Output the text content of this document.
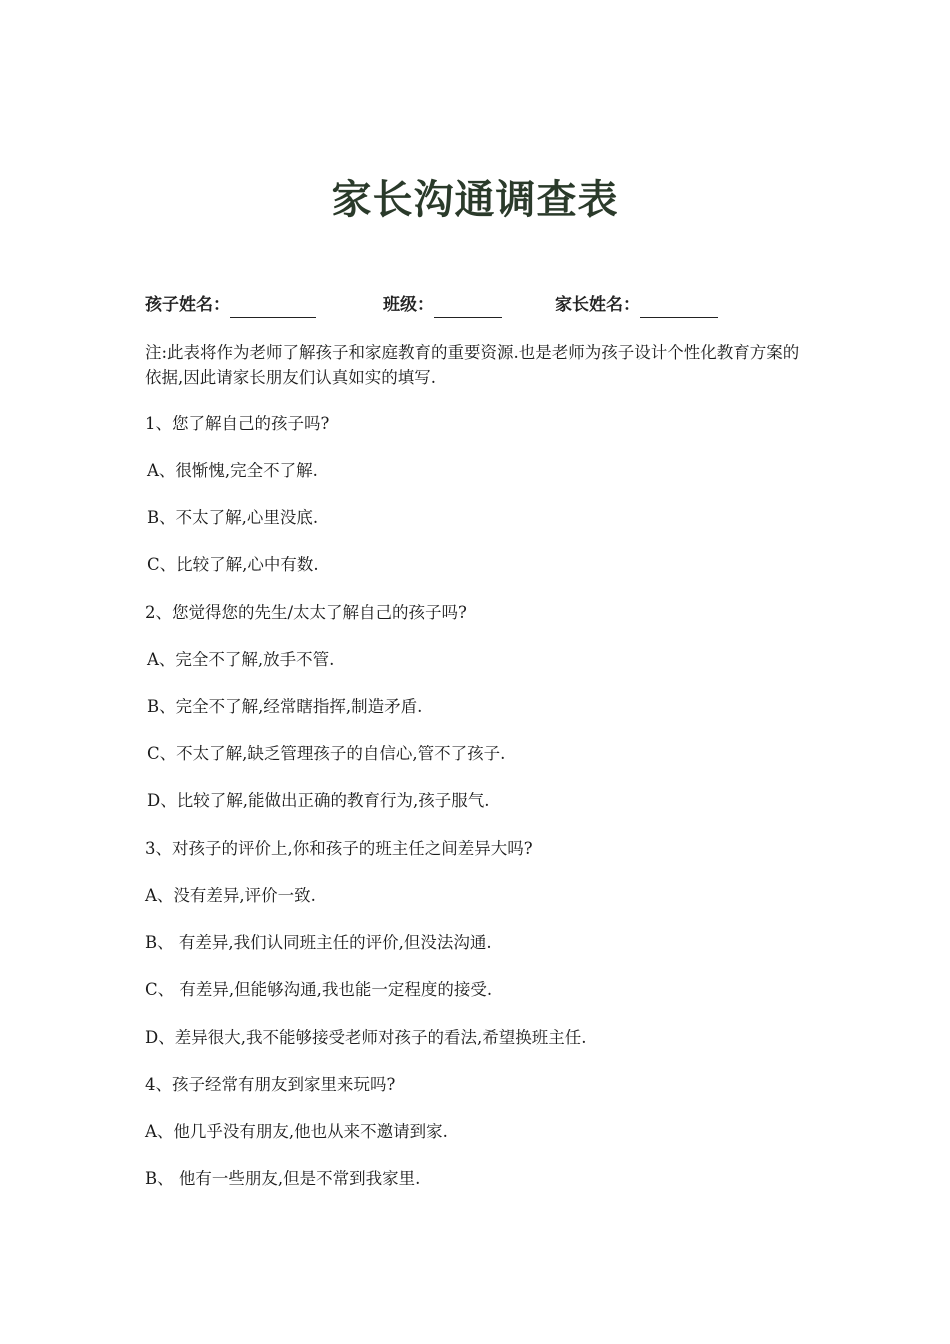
家长沟通调查表
孩子姓名：	班级：	家长姓名：
注:此表将作为老师了解孩子和家庭教育的重要资源.也是老师为孩子设计个性化教育方案的依据,因此请家长朋友们认真如实的填写.
1、您了解自己的孩子吗?
A、很惭愧,完全不了解.
B、不太了解,心里没底.
C、比较了解,心中有数.
2、您觉得您的先生/太太了解自己的孩子吗?
A、完全不了解,放手不管.
B、完全不了解,经常瞎指挥,制造矛盾.
C、不太了解,缺乏管理孩子的自信心,管不了孩子.
D、比较了解,能做出正确的教育行为,孩子服气.
3、对孩子的评价上,你和孩子的班主任之间差异大吗?
A、没有差异,评价一致.
B、 有差异,我们认同班主任的评价,但没法沟通.
C、 有差异,但能够沟通,我也能一定程度的接受.
D、差异很大,我不能够接受老师对孩子的看法,希望换班主任.
4、孩子经常有朋友到家里来玩吗?
A、他几乎没有朋友,他也从来不邀请到家.
B、 他有一些朋友,但是不常到我家里.
